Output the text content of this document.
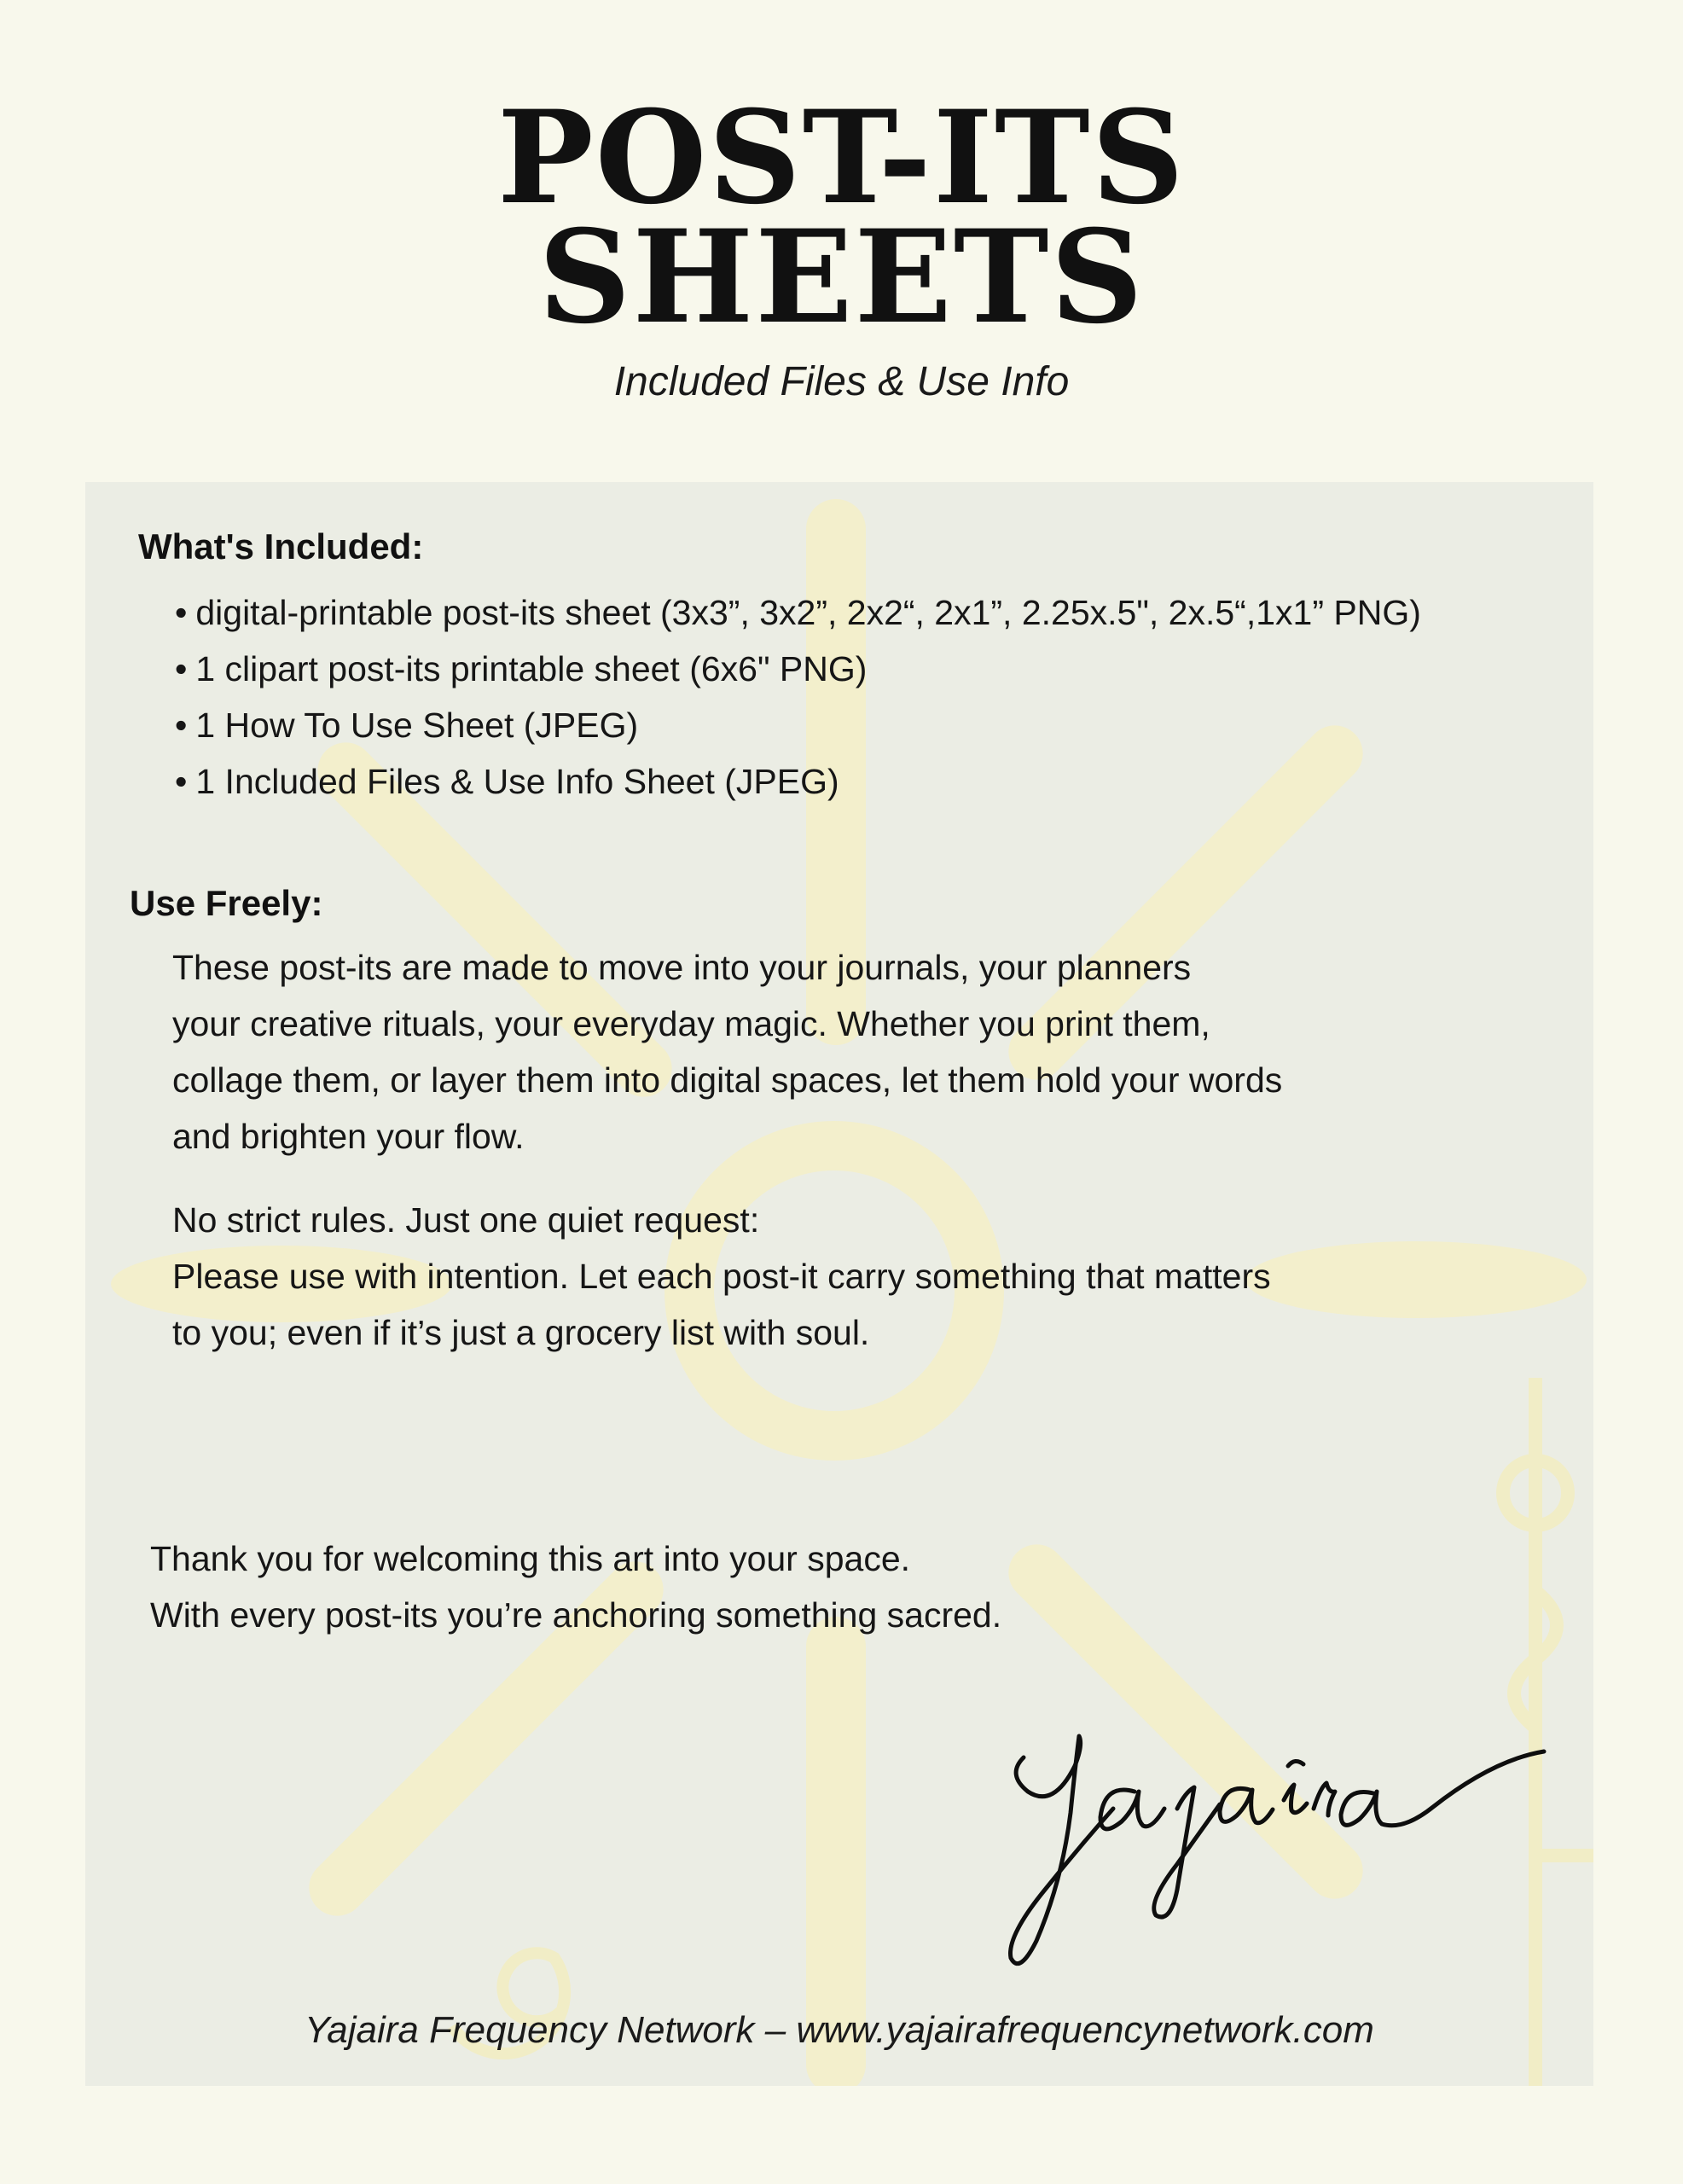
POST-ITS
SHEETS
Included Files & Use Info
What's Included:
• digital-printable post-its sheet (3x3”, 3x2”, 2x2“, 2x1”, 2.25x.5", 2x.5“,1x1” PNG)
• 1 clipart post-its printable sheet (6x6" PNG)
• 1 How To Use Sheet (JPEG)
• 1 Included Files & Use Info Sheet (JPEG)
Use Freely:
These post-its are made to move into your journals, your planners
your creative rituals, your everyday magic. Whether you print them,
collage them, or layer them into digital spaces, let them hold your words
and brighten your flow.
No strict rules. Just one quiet request:
Please use with intention. Let each post-it carry something that matters
to you; even if it’s just a grocery list with soul.
Thank you for welcoming this art into your space.
With every post-its you’re anchoring something sacred.
Yajaira Frequency Network – www.yajairafrequencynetwork.com
